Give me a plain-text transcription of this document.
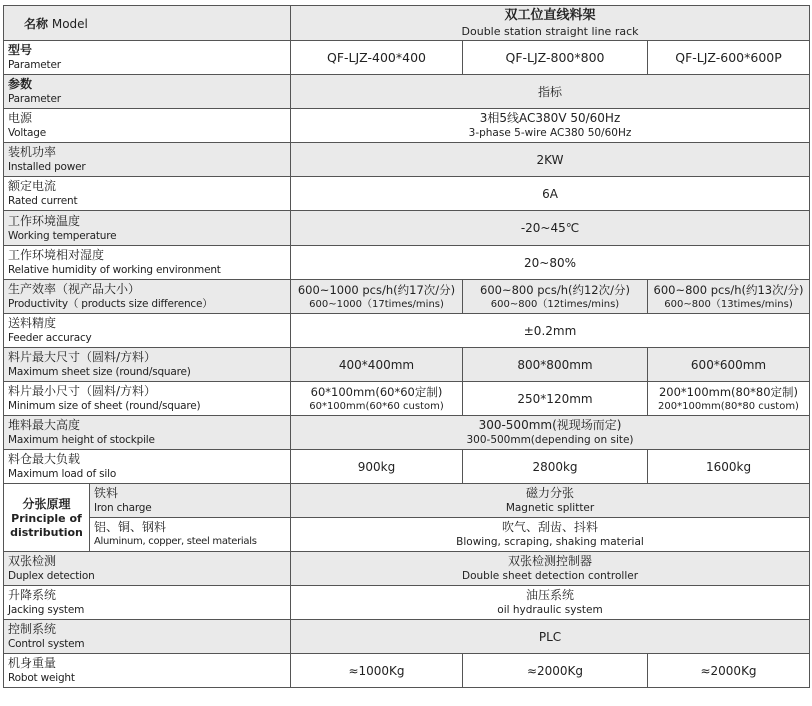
名称 Model		双工位直线料架
Double station straight line rack		

型号
Parameter		QF-LJZ-400*400	QF-LJZ-800*800	QF-LJZ-600*600P

参数
Parameter		指标		

电源
Voltage		3相5线AC380V 50/60Hz
3-phase 5-wire AC380 50/60Hz		

装机功率
Installed power		2KW		

额定电流
Rated current		6A		

工作环境温度
Working temperature		-20~45℃		

工作环境相对湿度
Relative humidity of working environment		20~80%		

生产效率（视产品大小）
Productivity（ products size difference）		600~1000 pcs/h(约17次/分)
600~1000（17times/mins)	600~800 pcs/h(约12次/分)
600~800（12times/mins)	600~800 pcs/h(约13次/分)
600~800（13times/mins)

送料精度
Feeder accuracy		±0.2mm		

料片最大尺寸（圆料/方料）
Maximum sheet size (round/square)		400*400mm	800*800mm	600*600mm

料片最小尺寸（圆料/方料）
Minimum size of sheet (round/square)		60*100mm(60*60定制)
60*100mm(60*60 custom)	250*120mm	200*100mm(80*80定制)
200*100mm(80*80 custom)

堆料最大高度
Maximum height of stockpile		300-500mm(视现场而定)
300-500mm(depending on site)		

料仓最大负载
Maximum load of silo		900kg	2800kg	1600kg

分张原理
Principle of
distribution	铁料
Iron charge	磁力分张
Magnetic splitter		

	铝、铜、钢料
Aluminum, copper, steel materials	吹气、刮齿、抖料
Blowing, scraping, shaking material		

双张检测
Duplex detection		双张检测控制器
Double sheet detection controller		

升降系统
Jacking system		油压系统
oil hydraulic system		

控制系统
Control system		PLC		

机身重量
Robot weight		≈1000Kg	≈2000Kg	≈2000Kg
